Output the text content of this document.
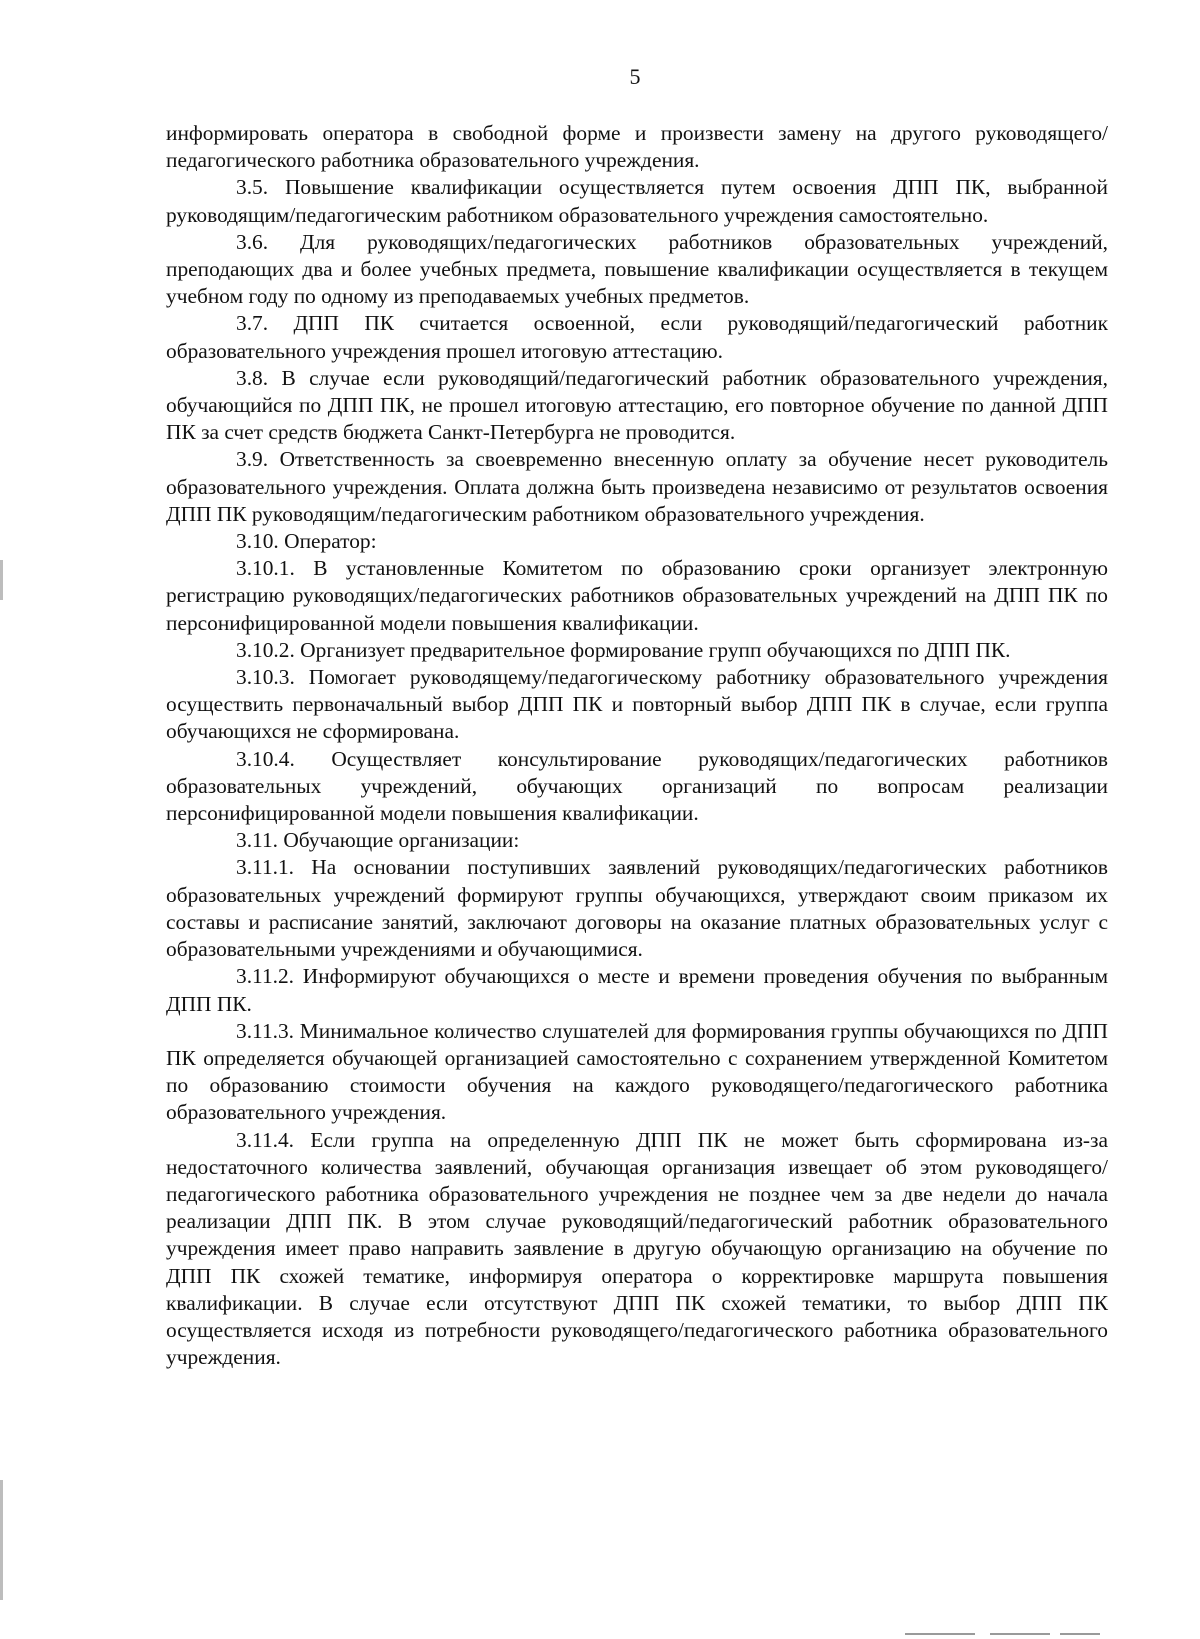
5

информировать оператора в свободной форме и произвести замену на другого руководящего/педагогического работника образовательного учреждения.

3.5. Повышение квалификации осуществляется путем освоения ДПП ПК, выбранной руководящим/педагогическим работником образовательного учреждения самостоятельно.

3.6. Для руководящих/педагогических работников образовательных учреждений, преподающих два и более учебных предмета, повышение квалификации осуществляется в текущем учебном году по одному из преподаваемых учебных предметов.

3.7. ДПП ПК считается освоенной, если руководящий/педагогический работник образовательного учреждения прошел итоговую аттестацию.

3.8. В случае если руководящий/педагогический работник образовательного учреждения, обучающийся по ДПП ПК, не прошел итоговую аттестацию, его повторное обучение по данной ДПП ПК за счет средств бюджета Санкт-Петербурга не проводится.

3.9. Ответственность за своевременно внесенную оплату за обучение несет руководитель образовательного учреждения. Оплата должна быть произведена независимо от результатов освоения ДПП ПК руководящим/педагогическим работником образовательного учреждения.

3.10. Оператор:

3.10.1. В установленные Комитетом по образованию сроки организует электронную регистрацию руководящих/педагогических работников образовательных учреждений на ДПП ПК по персонифицированной модели повышения квалификации.

3.10.2. Организует предварительное формирование групп обучающихся по ДПП ПК.

3.10.3. Помогает руководящему/педагогическому работнику образовательного учреждения осуществить первоначальный выбор ДПП ПК и повторный выбор ДПП ПК в случае, если группа обучающихся не сформирована.

3.10.4. Осуществляет консультирование руководящих/педагогических работников образовательных учреждений, обучающих организаций по вопросам реализации персонифицированной модели повышения квалификации.

3.11. Обучающие организации:

3.11.1. На основании поступивших заявлений руководящих/педагогических работников образовательных учреждений формируют группы обучающихся, утверждают своим приказом их составы и расписание занятий, заключают договоры на оказание платных образовательных услуг с образовательными учреждениями и обучающимися.

3.11.2. Информируют обучающихся о месте и времени проведения обучения по выбранным ДПП ПК.

3.11.3. Минимальное количество слушателей для формирования группы обучающихся по ДПП ПК определяется обучающей организацией самостоятельно с сохранением утвержденной Комитетом по образованию стоимости обучения на каждого руководящего/педагогического работника образовательного учреждения.

3.11.4. Если группа на определенную ДПП ПК не может быть сформирована из-за недостаточного количества заявлений, обучающая организация извещает об этом руководящего/педагогического работника образовательного учреждения не позднее чем за две недели до начала реализации ДПП ПК. В этом случае руководящий/педагогический работник образовательного учреждения имеет право направить заявление в другую обучающую организацию на обучение по ДПП ПК схожей тематике, информируя оператора о корректировке маршрута повышения квалификации. В случае если отсутствуют ДПП ПК схожей тематики, то выбор ДПП ПК осуществляется исходя из потребности руководящего/педагогического работника образовательного учреждения.
